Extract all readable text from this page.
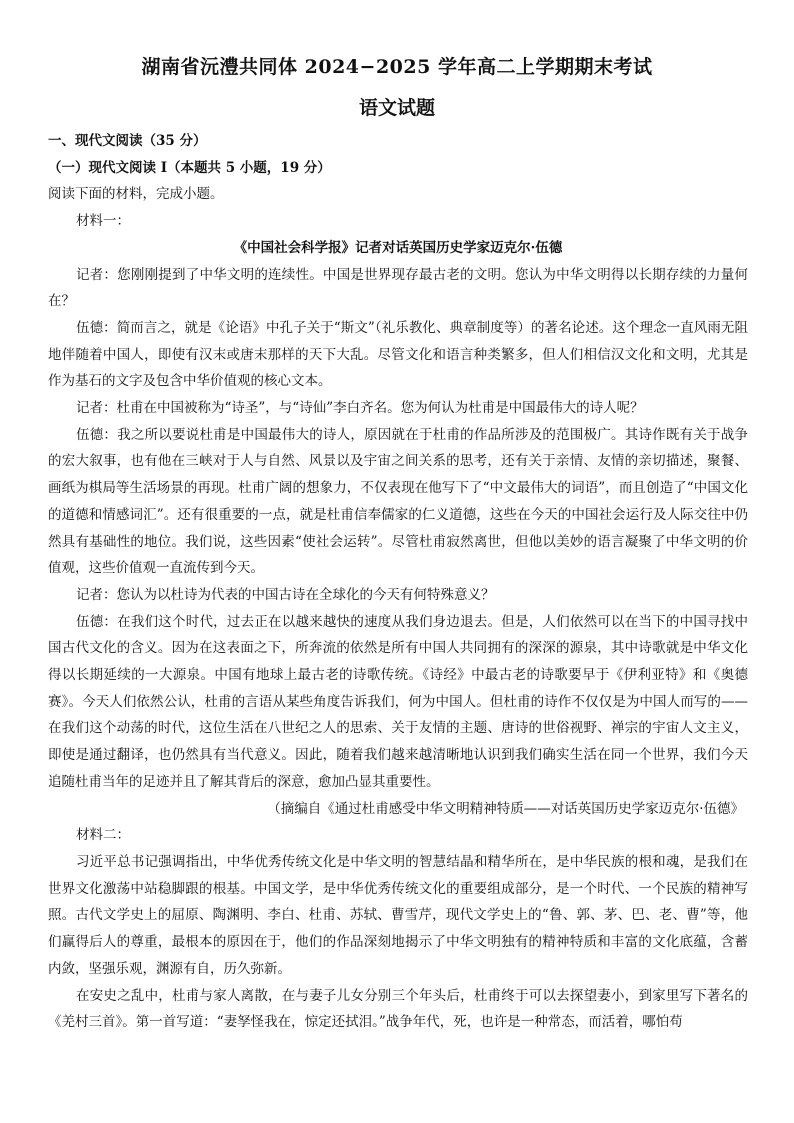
湖南省沅澧共同体 2024−2025 学年高二上学期期末考试
语文试题

一、现代文阅读（35 分）

（一）现代文阅读 I（本题共 5 小题，19 分）

阅读下面的材料，完成小题。

材料一：

《中国社会科学报》记者对话英国历史学家迈克尔·伍德

记者：您刚刚提到了中华文明的连续性。中国是世界现存最古老的文明。您认为中华文明得以长期存续的力量何在？

伍德：简而言之，就是《论语》中孔子关于“斯文”（礼乐教化、典章制度等）的著名论述。这个理念一直风雨无阻地伴随着中国人，即使有汉末或唐末那样的天下大乱。尽管文化和语言种类繁多，但人们相信汉文化和文明，尤其是作为基石的文字及包含中华价值观的核心文本。

记者：杜甫在中国被称为“诗圣”，与“诗仙”李白齐名。您为何认为杜甫是中国最伟大的诗人呢？

伍德：我之所以要说杜甫是中国最伟大的诗人，原因就在于杜甫的作品所涉及的范围极广。其诗作既有关于战争的宏大叙事，也有他在三峡对于人与自然、风景以及宇宙之间关系的思考，还有关于亲情、友情的亲切描述，聚餐、画纸为棋局等生活场景的再现。杜甫广阔的想象力，不仅表现在他写下了“中文最伟大的词语”，而且创造了“中国文化的道德和情感词汇”。还有很重要的一点，就是杜甫信奉儒家的仁义道德，这些在今天的中国社会运行及人际交往中仍然具有基础性的地位。我们说，这些因素“使社会运转”。尽管杜甫寂然离世，但他以美妙的语言凝聚了中华文明的价值观，这些价值观一直流传到今天。

记者：您认为以杜诗为代表的中国古诗在全球化的今天有何特殊意义？

伍德：在我们这个时代，过去正在以越来越快的速度从我们身边退去。但是，人们依然可以在当下的中国寻找中国古代文化的含义。因为在这表面之下，所奔流的依然是所有中国人共同拥有的深深的源泉，其中诗歌就是中华文化得以长期延续的一大源泉。中国有地球上最古老的诗歌传统。《诗经》中最古老的诗歌要早于《伊利亚特》和《奥德赛》。今天人们依然公认，杜甫的言语从某些角度告诉我们，何为中国人。但杜甫的诗作不仅仅是为中国人而写的——在我们这个动荡的时代，这位生活在八世纪之人的思索、关于友情的主题、唐诗的世俗视野、禅宗的宇宙人文主义，即使是通过翻译，也仍然具有当代意义。因此，随着我们越来越清晰地认识到我们确实生活在同一个世界，我们今天追随杜甫当年的足迹并且了解其背后的深意，愈加凸显其重要性。

（摘编自《通过杜甫感受中华文明精神特质——对话英国历史学家迈克尔·伍德》

材料二：

习近平总书记强调指出，中华优秀传统文化是中华文明的智慧结晶和精华所在，是中华民族的根和魂，是我们在世界文化激荡中站稳脚跟的根基。中国文学，是中华优秀传统文化的重要组成部分，是一个时代、一个民族的精神写照。古代文学史上的屈原、陶渊明、李白、杜甫、苏轼、曹雪芹，现代文学史上的“鲁、郭、茅、巴、老、曹”等，他们赢得后人的尊重，最根本的原因在于，他们的作品深刻地揭示了中华文明独有的精神特质和丰富的文化底蕴，含蓄内敛，坚强乐观，渊源有自，历久弥新。

在安史之乱中，杜甫与家人离散，在与妻子儿女分别三个年头后，杜甫终于可以去探望妻小，到家里写下著名的《羌村三首》。第一首写道：“妻孥怪我在，惊定还拭泪。”战争年代，死，也许是一种常态，而活着，哪怕苟
